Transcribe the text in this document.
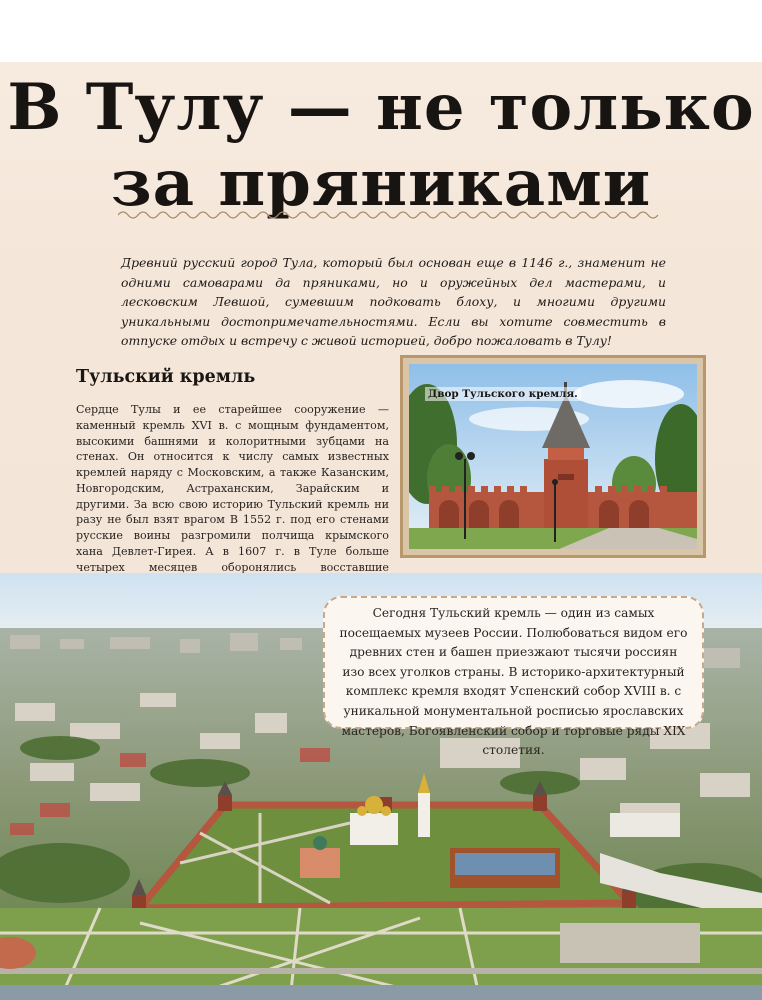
В Тулу — не только
за пряниками

Древний русский город Тула, который был основан еще в 1146 г., знаменит не одними самоварами да пряниками, но и оружейных дел мастерами, и лесковским Левшой, сумевшим подковать блоху, и многими другими уникальными достопримечательностями. Если вы хотите совместить в отпуске отдых и встречу с живой историей, добро пожаловать в Тулу!

Тульский кремль

Сердце Тулы и ее старейшее сооружение — каменный кремль XVI в. с мощным фундаментом, высокими башнями и колоритными зубцами на стенах. Он относится к числу самых известных кремлей наряду с Московским, а также Казанским, Новгородским, Астраханским, Зарайским и другими. За всю свою историю Тульский кремль ни разу не был взят врагом В 1552 г. под его стенами русские воины разгромили полчища крымского хана Девлет-Гирея. А в 1607 г. в Туле больше четырех месяцев оборонялись восставшие

Двор Тульского кремля.

Сегодня Тульский кремль — один из самых посещаемых музеев России. Полюбоваться видом его древних стен и башен приезжают тысячи россиян изо всех уголков страны. В историко-архитектурный комплекс кремля входят Успенский собор XVIII в. с уникальной монументальной росписью ярославских мастеров, Богоявленский собор и торговые ряды XIX столетия.
